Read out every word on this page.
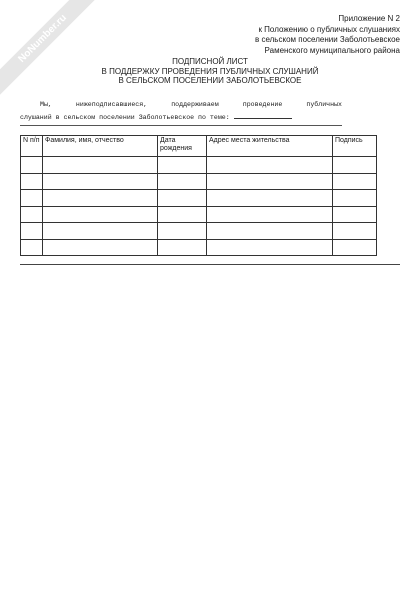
NoNumber.ru	Приложение N 2
к Положению о публичных слушаниях
в сельском поселении Заболотьевское
Раменского муниципального района
ПОДПИСНОЙ ЛИСТ
В ПОДДЕРЖКУ ПРОВЕДЕНИЯ ПУБЛИЧНЫХ СЛУШАНИЙ
В СЕЛЬСКОМ ПОСЕЛЕНИИ ЗАБОЛОТЬЕВСКОЕ

Мы, нижеподписавшиеся, поддерживаем проведение публичных

слушаний в сельском поселении Заболотьевское по теме:

N п/п	Фамилия, имя, отчество	Дата рождения	Адрес места жительства	Подпись
